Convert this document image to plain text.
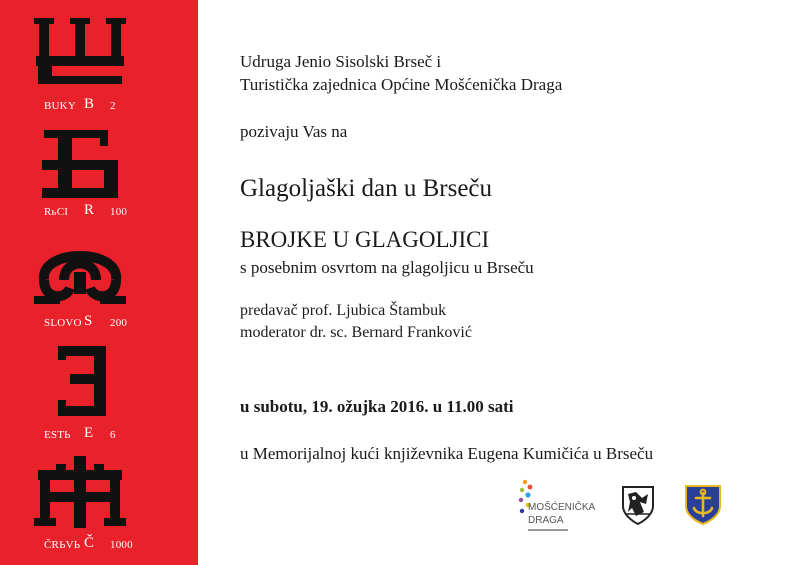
BUKY B 2
RьCI R 100
SLOVO S 200
ESTЬ E 6
ČRЬVЬ Č 1000
Udruga Jenio Sisolski Brseč i
Turistička zajednica Općine Mošćenička Draga
pozivaju Vas na
Glagoljaški dan u Brseču
BROJKE U GLAGOLJICI
s posebnim osvrtom na glagoljicu u Brseču
predavač prof. Ljubica Štambuk
moderator dr. sc. Bernard Franković
u subotu, 19. ožujka 2016. u 11.00 sati
u Memorijalnoj kući književnika Eugena Kumičića u Brseču
MOŠĆENIČKA
DRAGA
